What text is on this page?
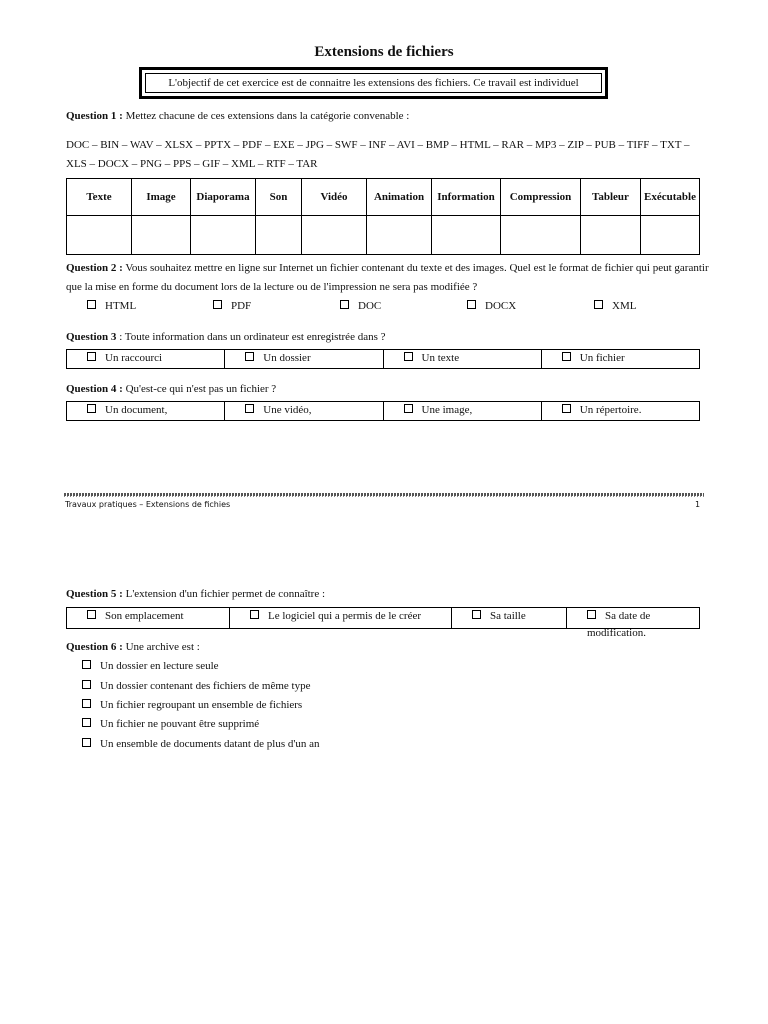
Extensions de fichiers
L'objectif de cet exercice est de connaitre les extensions des fichiers. Ce travail est individuel
Question 1 : Mettez chacune de ces extensions dans la catégorie convenable :
DOC – BIN – WAV – XLSX – PPTX – PDF – EXE – JPG – SWF – INF – AVI – BMP – HTML – RAR – MP3 – ZIP – PUB – TIFF – TXT –
XLS – DOCX – PNG – PPS – GIF – XML – RTF – TAR
Texte	Image	Diaporama	Son	Vidéo	Animation	Information	Compression	Tableur	Exécutable

Question 2 : Vous souhaitez mettre en ligne sur Internet un fichier contenant du texte et des images. Quel est le format de fichier qui peut garantir
que la mise en forme du document lors de la lecture ou de l'impression ne sera pas modifiée ?
HTML	PDF	DOC	DOCX	XML
Question 3 : Toute information dans un ordinateur est enregistrée dans ?
Un raccourci	Un dossier	Un texte	Un fichier
Question 4 : Qu'est-ce qui n'est pas un fichier ?
Un document,	Une vidéo,	Une image,	Un répertoire.
Travaux pratiques – Extensions de fichies	1
Question 5 : L'extension d'un fichier permet de connaître :
Son emplacement	Le logiciel qui a permis de le créer	Sa taille	Sa date de modification.
Question 6 : Une archive est :
Un dossier en lecture seule
Un dossier contenant des fichiers de même type
Un fichier regroupant un ensemble de fichiers
Un fichier ne pouvant être supprimé
Un ensemble de documents datant de plus d'un an
